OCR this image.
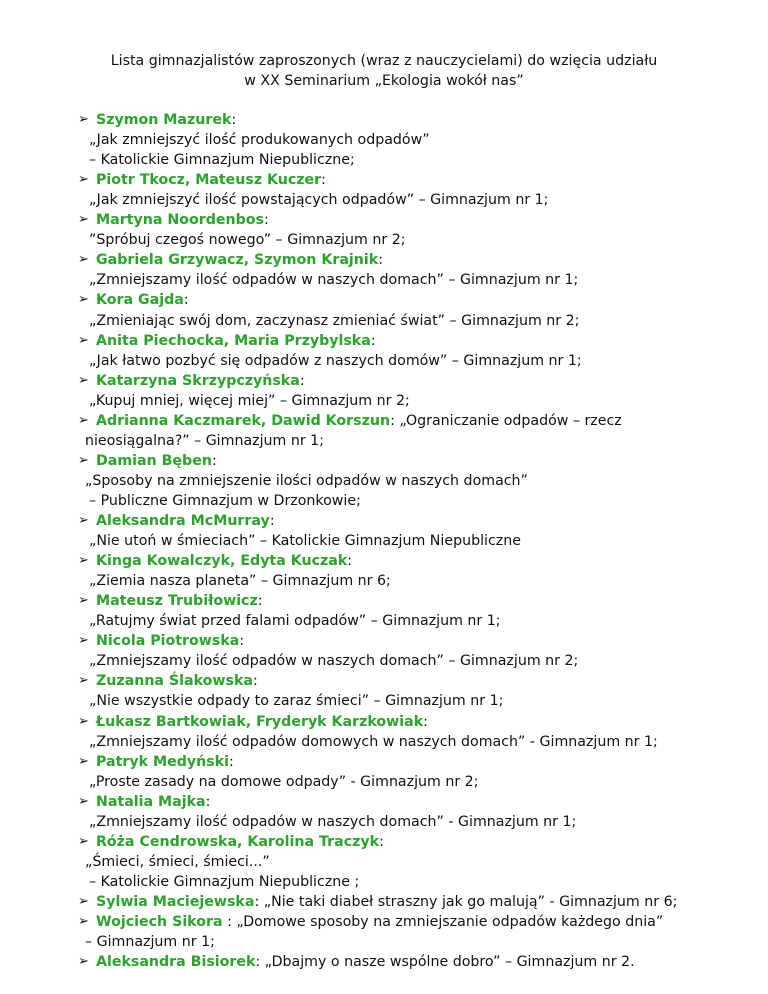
Lista gimnazjalistów zaproszonych (wraz z nauczycielami) do wzięcia udziału
w XX Seminarium „Ekologia wokół nas”
➢ Szymon Mazurek:
„Jak zmniejszyć ilość produkowanych odpadów”
– Katolickie Gimnazjum Niepubliczne;
➢ Piotr Tkocz, Mateusz Kuczer:
„Jak zmniejszyć ilość powstających odpadów” – Gimnazjum nr 1;
➢ Martyna Noordenbos:
”Spróbuj czegoś nowego” – Gimnazjum nr 2;
➢ Gabriela Grzywacz, Szymon Krajnik:
„Zmniejszamy ilość odpadów w naszych domach” – Gimnazjum nr 1;
➢ Kora Gajda:
„Zmieniając swój dom, zaczynasz zmieniać świat” – Gimnazjum nr 2;
➢ Anita Piechocka, Maria Przybylska:
„Jak łatwo pozbyć się odpadów z naszych domów” – Gimnazjum nr 1;
➢ Katarzyna Skrzypczyńska:
„Kupuj mniej, więcej miej” – Gimnazjum nr 2;
➢ Adrianna Kaczmarek, Dawid Korszun: „Ograniczanie odpadów – rzecz
nieosiągalna?” – Gimnazjum nr 1;
➢ Damian Bęben:
„Sposoby na zmniejszenie ilości odpadów w naszych domach”
– Publiczne Gimnazjum w Drzonkowie;
➢ Aleksandra McMurray:
„Nie utoń w śmieciach” – Katolickie Gimnazjum Niepubliczne
➢ Kinga Kowalczyk, Edyta Kuczak:
„Ziemia nasza planeta” – Gimnazjum nr 6;
➢ Mateusz Trubiłowicz:
„Ratujmy świat przed falami odpadów” – Gimnazjum nr 1;
➢ Nicola Piotrowska:
„Zmniejszamy ilość odpadów w naszych domach” – Gimnazjum nr 2;
➢ Zuzanna Ślakowska:
„Nie wszystkie odpady to zaraz śmieci” – Gimnazjum nr 1;
➢ Łukasz Bartkowiak, Fryderyk Karzkowiak:
„Zmniejszamy ilość odpadów domowych w naszych domach” - Gimnazjum nr 1;
➢ Patryk Medyński:
„Proste zasady na domowe odpady” - Gimnazjum nr 2;
➢ Natalia Majka:
„Zmniejszamy ilość odpadów w naszych domach” - Gimnazjum nr 1;
➢ Róża Cendrowska, Karolina Traczyk:
„Śmieci, śmieci, śmieci...”
– Katolickie Gimnazjum Niepubliczne ;
➢ Sylwia Maciejewska: „Nie taki diabeł straszny jak go malują” - Gimnazjum nr 6;
➢ Wojciech Sikora : „Domowe sposoby na zmniejszanie odpadów każdego dnia”
– Gimnazjum nr 1;
➢ Aleksandra Bisiorek: „Dbajmy o nasze wspólne dobro” – Gimnazjum nr 2.
